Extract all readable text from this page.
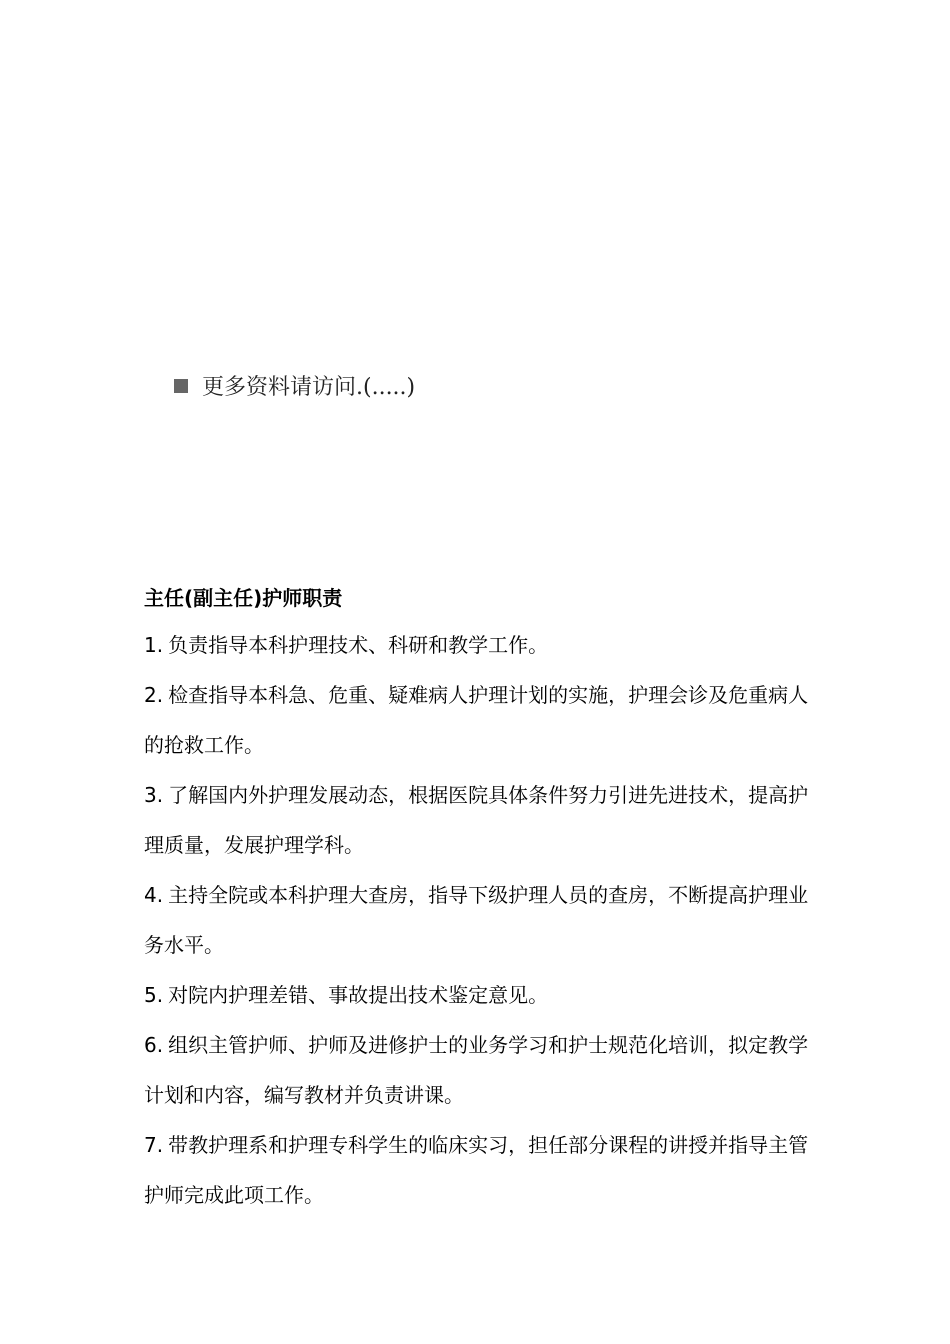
更多资料请访问.(.....)
主任(副主任)护师职责
1. 负责指导本科护理技术、科研和教学工作。
2. 检查指导本科急、危重、疑难病人护理计划的实施，护理会诊及危重病人的抢救工作。
3. 了解国内外护理发展动态，根据医院具体条件努力引进先进技术，提高护理质量，发展护理学科。
4. 主持全院或本科护理大查房，指导下级护理人员的查房，不断提高护理业务水平。
5. 对院内护理差错、事故提出技术鉴定意见。
6. 组织主管护师、护师及进修护士的业务学习和护士规范化培训，拟定教学计划和内容，编写教材并负责讲课。
7. 带教护理系和护理专科学生的临床实习，担任部分课程的讲授并指导主管护师完成此项工作。
